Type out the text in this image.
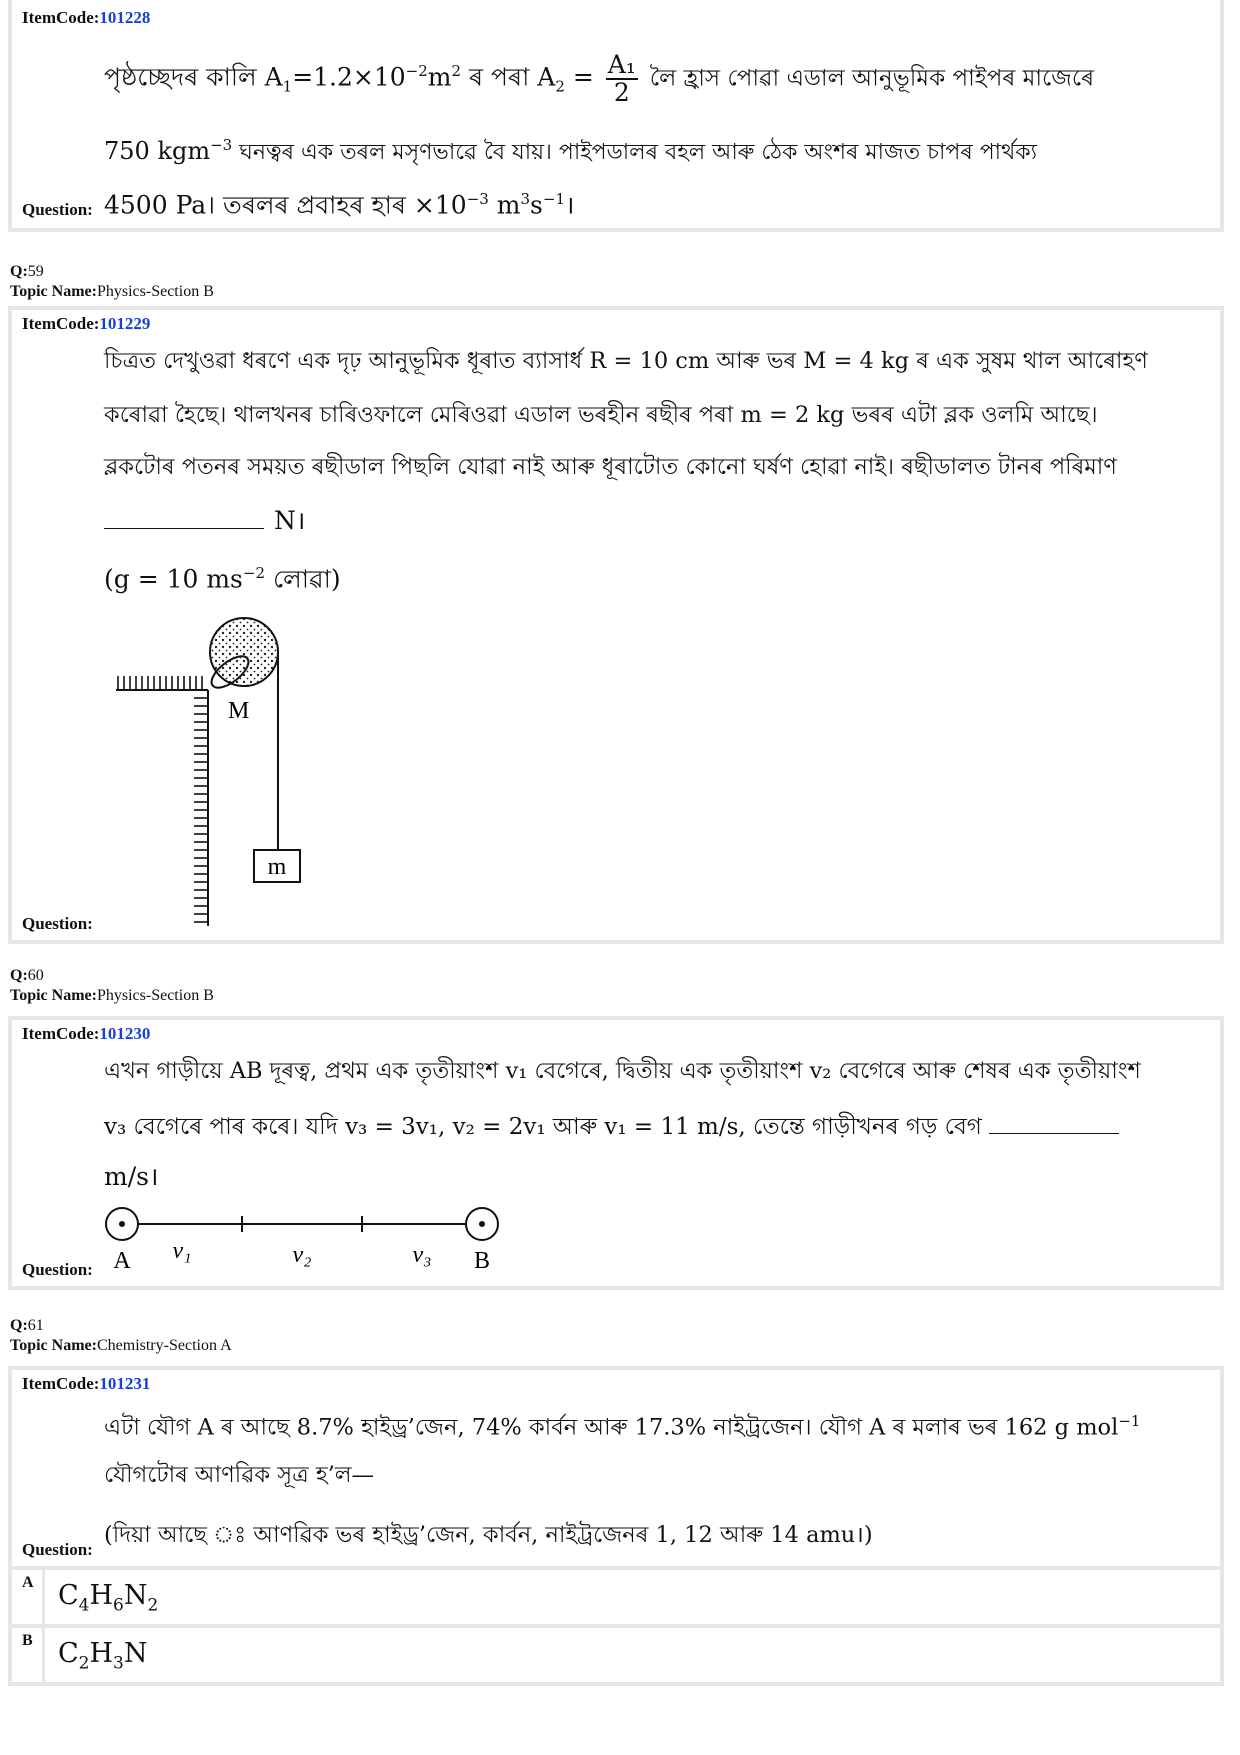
ItemCode:101228
পৃষ্ঠচ্ছেদৰ কালি $A_1=1.2\times 10^{-2}m^2$ ৰ পৰা $A_2 = \frac{\text{A₁}}{2}$ লৈ হ্ৰাস পোৱা এডাল আনুভূমিক পাইপৰ মাজেৰে
750 kgm$^{-3}$ ঘনত্বৰ এক তৰল মসৃণভাৱে বৈ যায়। পাইপডালৰ বহল আৰু ঠেক অংশৰ মাজত চাপৰ পাৰ্থক্য
4500 Pa। তৰলৰ প্ৰবাহৰ হাৰ $\times 10^{-3}$ $m^3s^{-1}।$
Question:
Q:59
Topic Name:Physics-Section B
ItemCode:101229
চিত্ৰত দেখুওৱা ধৰণে এক দৃঢ় আনুভূমিক ধূৰাত ব্যাসাৰ্ধ R = 10 cm আৰু ভৰ M = 4 kg ৰ এক সুষম থাল আৰোহণ
কৰোৱা হৈছে। থালখনৰ চাৰিওফালে মেৰিওৱা এডাল ভৰহীন ৰছীৰ পৰা m = 2 kg ভৰৰ এটা ব্লক ওলমি আছে।
ব্লকটোৰ পতনৰ সময়ত ৰছীডাল পিছলি যোৱা নাই আৰু ধূৰাটোত কোনো ঘৰ্ষণ হোৱা নাই। ৰছীডালত টানৰ পৰিমাণ
N।
(g = 10 $ms^{-2}$ লোৱা)
m
M
Question:
Q:60
Topic Name:Physics-Section B
ItemCode:101230
এখন গাড়ীয়ে AB দূৰত্ব, প্ৰথম এক তৃতীয়াংশ v₁ বেগেৰে, দ্বিতীয় এক তৃতীয়াংশ v₂ বেগেৰে আৰু শেষৰ এক তৃতীয়াংশ
v₃ বেগেৰে পাৰ কৰে। যদি v₃ = 3v₁, v₂ = 2v₁ আৰু v₁ = 11 m/s, তেন্তে গাড়ীখনৰ গড় বেগ
m/s।
A	B
v₁	v₂	v₃
Question:
Q:61
Topic Name:Chemistry-Section A
ItemCode:101231
এটা যৌগ A ৰ আছে 8.7% হাইড্ৰ’জেন, 74% কাৰ্বন আৰু 17.3% নাইট্ৰজেন। যৌগ A ৰ মলাৰ ভৰ 162 g mol$^{-1}$
যৌগটোৰ আণৱিক সূত্ৰ হ’ল—
(দিয়া আছে ঃ আণৱিক ভৰ হাইড্ৰ’জেন, কাৰ্বন, নাইট্ৰজেনৰ 1, 12 আৰু 14 amu।)
Question:
A $C_4H_6N_2$
B $C_2H_3N$
